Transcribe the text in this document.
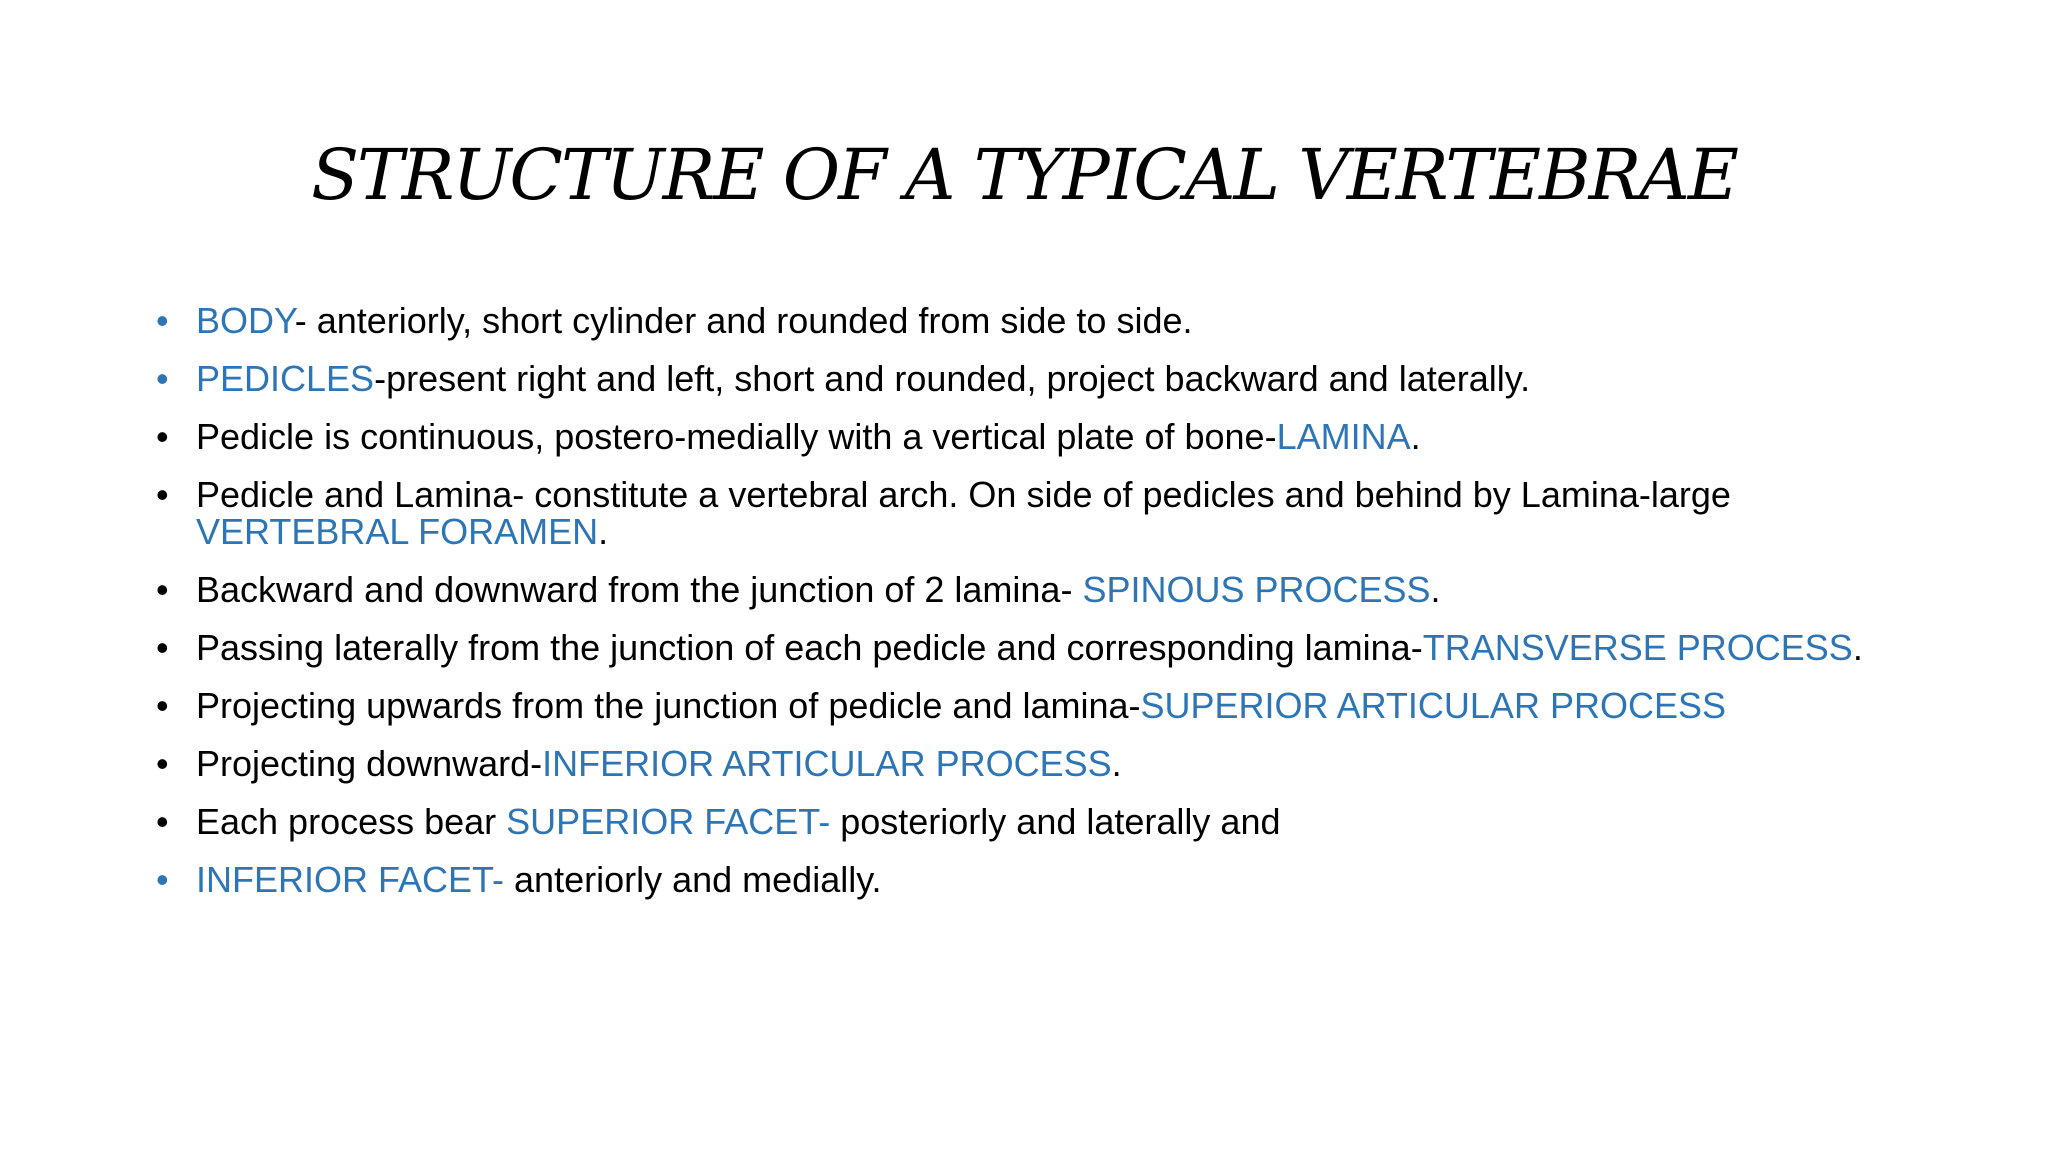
STRUCTURE OF A TYPICAL VERTEBRAE
• BODY- anteriorly, short cylinder and rounded from side to side.
• PEDICLES-present right and left, short and rounded, project backward and laterally.
• Pedicle is continuous, postero-medially with a vertical plate of bone-LAMINA.
• Pedicle and Lamina- constitute a vertebral arch. On side of pedicles and behind by Lamina-large VERTEBRAL FORAMEN.
• Backward and downward from the junction of 2 lamina- SPINOUS PROCESS.
• Passing laterally from the junction of each pedicle and corresponding lamina-TRANSVERSE PROCESS.
• Projecting upwards from the junction of pedicle and lamina-SUPERIOR ARTICULAR PROCESS
• Projecting downward-INFERIOR ARTICULAR PROCESS.
• Each process bear SUPERIOR FACET- posteriorly and laterally and
• INFERIOR FACET- anteriorly and medially.
